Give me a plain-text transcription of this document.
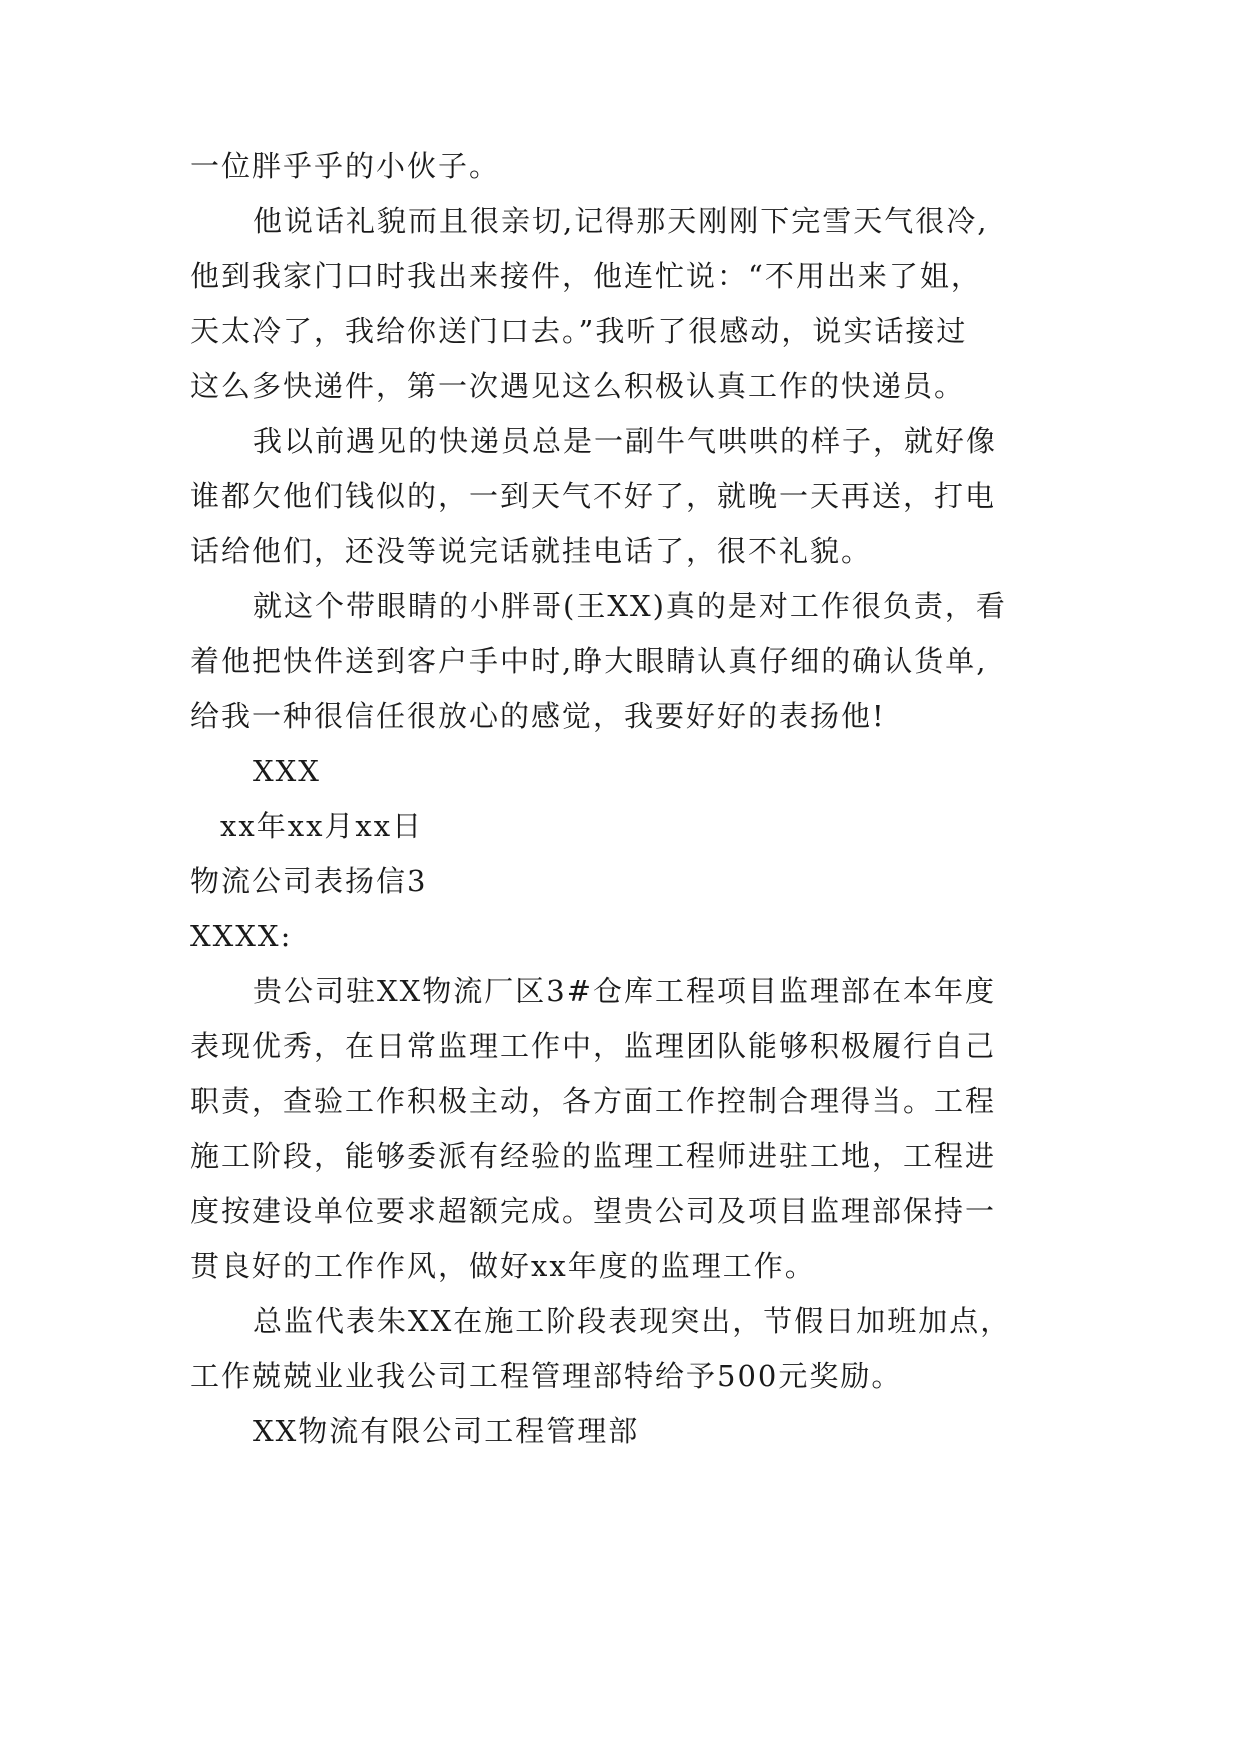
一位胖乎乎的小伙子。
他说话礼貌而且很亲切,记得那天刚刚下完雪天气很冷,
他到我家门口时我出来接件，他连忙说：“不用出来了姐，
天太冷了，我给你送门口去。”我听了很感动，说实话接过
这么多快递件，第一次遇见这么积极认真工作的快递员。
我以前遇见的快递员总是一副牛气哄哄的样子，就好像
谁都欠他们钱似的，一到天气不好了，就晚一天再送，打电
话给他们，还没等说完话就挂电话了，很不礼貌。
就这个带眼睛的小胖哥(王XX)真的是对工作很负责，看
着他把快件送到客户手中时,睁大眼睛认真仔细的确认货单,
给我一种很信任很放心的感觉，我要好好的表扬他!
XXX
xx年xx月xx日
物流公司表扬信3
XXXX:
贵公司驻XX物流厂区3#仓库工程项目监理部在本年度
表现优秀，在日常监理工作中，监理团队能够积极履行自己
职责，查验工作积极主动，各方面工作控制合理得当。工程
施工阶段，能够委派有经验的监理工程师进驻工地，工程进
度按建设单位要求超额完成。望贵公司及项目监理部保持一
贯良好的工作作风，做好xx年度的监理工作。
总监代表朱XX在施工阶段表现突出，节假日加班加点，
工作兢兢业业我公司工程管理部特给予500元奖励。
XX物流有限公司工程管理部
